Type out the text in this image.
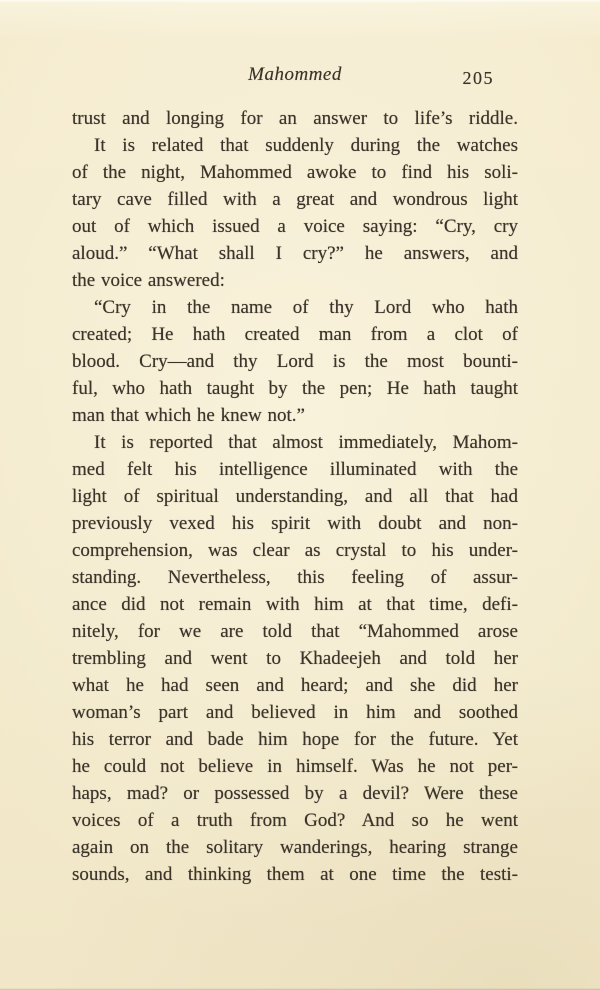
Mahommed	205
trust and longing for an answer to life’s riddle.
It is related that suddenly during the watches
of the night, Mahommed awoke to find his soli-
tary cave filled with a great and wondrous light
out of which issued a voice saying: “Cry, cry
aloud.” “What shall I cry?” he answers, and
the voice answered:
“Cry in the name of thy Lord who hath
created; He hath created man from a clot of
blood. Cry—and thy Lord is the most bounti-
ful, who hath taught by the pen; He hath taught
man that which he knew not.”
It is reported that almost immediately, Mahom-
med felt his intelligence illuminated with the
light of spiritual understanding, and all that had
previously vexed his spirit with doubt and non-
comprehension, was clear as crystal to his under-
standing. Nevertheless, this feeling of assur-
ance did not remain with him at that time, defi-
nitely, for we are told that “Mahommed arose
trembling and went to Khadeejeh and told her
what he had seen and heard; and she did her
woman’s part and believed in him and soothed
his terror and bade him hope for the future. Yet
he could not believe in himself. Was he not per-
haps, mad? or possessed by a devil? Were these
voices of a truth from God? And so he went
again on the solitary wanderings, hearing strange
sounds, and thinking them at one time the testi-
